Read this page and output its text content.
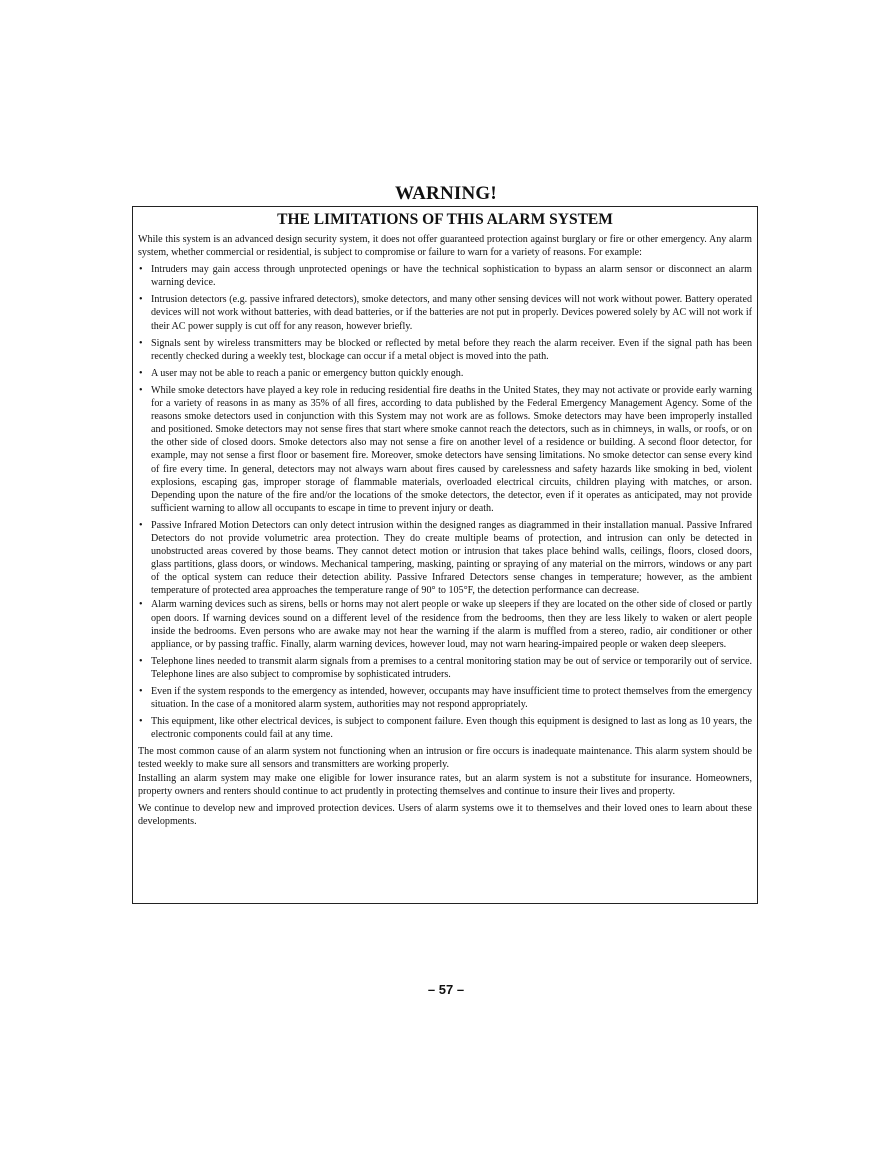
WARNING!
THE LIMITATIONS OF THIS ALARM SYSTEM

While this system is an advanced design security system, it does not offer guaranteed protection against burglary or fire or other emergency. Any alarm system, whether commercial or residential, is subject to compromise or failure to warn for a variety of reasons. For example:

• Intruders may gain access through unprotected openings or have the technical sophistication to bypass an alarm sensor or disconnect an alarm warning device.
• Intrusion detectors (e.g. passive infrared detectors), smoke detectors, and many other sensing devices will not work without power. Battery operated devices will not work without batteries, with dead batteries, or if the batteries are not put in properly. Devices powered solely by AC will not work if their AC power supply is cut off for any reason, however briefly.
• Signals sent by wireless transmitters may be blocked or reflected by metal before they reach the alarm receiver. Even if the signal path has been recently checked during a weekly test, blockage can occur if a metal object is moved into the path.
• A user may not be able to reach a panic or emergency button quickly enough.
• While smoke detectors have played a key role in reducing residential fire deaths in the United States, they may not activate or provide early warning for a variety of reasons in as many as 35% of all fires, according to data published by the Federal Emergency Management Agency. Some of the reasons smoke detectors used in conjunction with this System may not work are as follows. Smoke detectors may have been improperly installed and positioned. Smoke detectors may not sense fires that start where smoke cannot reach the detectors, such as in chimneys, in walls, or roofs, or on the other side of closed doors. Smoke detectors also may not sense a fire on another level of a residence or building. A second floor detector, for example, may not sense a first floor or basement fire. Moreover, smoke detectors have sensing limitations. No smoke detector can sense every kind of fire every time. In general, detectors may not always warn about fires caused by carelessness and safety hazards like smoking in bed, violent explosions, escaping gas, improper storage of flammable materials, overloaded electrical circuits, children playing with matches, or arson. Depending upon the nature of the fire and/or the locations of the smoke detectors, the detector, even if it operates as anticipated, may not provide sufficient warning to allow all occupants to escape in time to prevent injury or death.
• Passive Infrared Motion Detectors can only detect intrusion within the designed ranges as diagrammed in their installation manual. Passive Infrared Detectors do not provide volumetric area protection. They do create multiple beams of protection, and intrusion can only be detected in unobstructed areas covered by those beams. They cannot detect motion or intrusion that takes place behind walls, ceilings, floors, closed doors, glass partitions, glass doors, or windows. Mechanical tampering, masking, painting or spraying of any material on the mirrors, windows or any part of the optical system can reduce their detection ability. Passive Infrared Detectors sense changes in temperature; however, as the ambient temperature of protected area approaches the temperature range of 90° to 105°F, the detection performance can decrease.
• Alarm warning devices such as sirens, bells or horns may not alert people or wake up sleepers if they are located on the other side of closed or partly open doors. If warning devices sound on a different level of the residence from the bedrooms, then they are less likely to waken or alert people inside the bedrooms. Even persons who are awake may not hear the warning if the alarm is muffled from a stereo, radio, air conditioner or other appliance, or by passing traffic. Finally, alarm warning devices, however loud, may not warn hearing-impaired people or waken deep sleepers.
• Telephone lines needed to transmit alarm signals from a premises to a central monitoring station may be out of service or temporarily out of service. Telephone lines are also subject to compromise by sophisticated intruders.
• Even if the system responds to the emergency as intended, however, occupants may have insufficient time to protect themselves from the emergency situation. In the case of a monitored alarm system, authorities may not respond appropriately.
• This equipment, like other electrical devices, is subject to component failure. Even though this equipment is designed to last as long as 10 years, the electronic components could fail at any time.

The most common cause of an alarm system not functioning when an intrusion or fire occurs is inadequate maintenance. This alarm system should be tested weekly to make sure all sensors and transmitters are working properly.

Installing an alarm system may make one eligible for lower insurance rates, but an alarm system is not a substitute for insurance. Homeowners, property owners and renters should continue to act prudently in protecting themselves and continue to insure their lives and property.

We continue to develop new and improved protection devices. Users of alarm systems owe it to themselves and their loved ones to learn about these developments.

– 57 –
